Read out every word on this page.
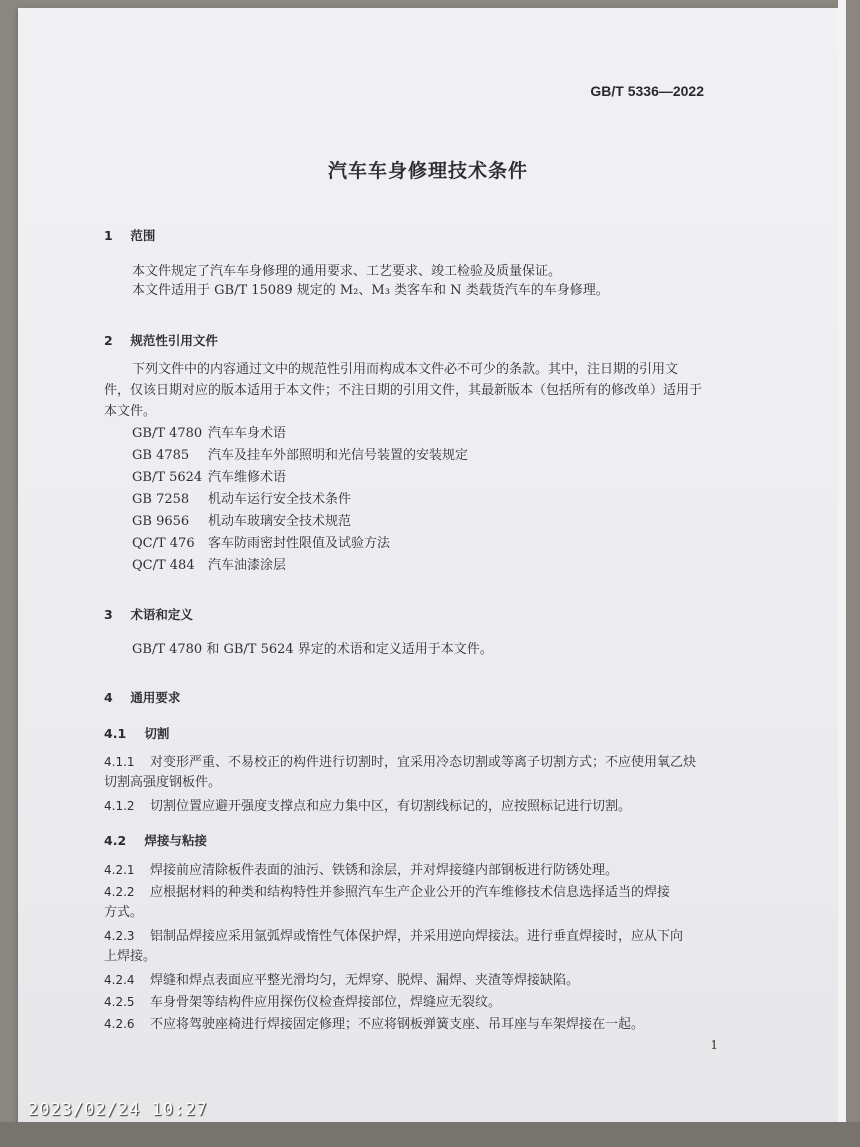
GB/T 5336—2022
汽车车身修理技术条件
1 范围
本文件规定了汽车车身修理的通用要求、工艺要求、竣工检验及质量保证。
本文件适用于 GB/T 15089 规定的 M₂、M₃ 类客车和 N 类载货汽车的车身修理。
2 规范性引用文件
下列文件中的内容通过文中的规范性引用而构成本文件必不可少的条款。其中，注日期的引用文
件，仅该日期对应的版本适用于本文件；不注日期的引用文件，其最新版本（包括所有的修改单）适用于
本文件。
GB/T 4780 汽车车身术语
GB 4785 汽车及挂车外部照明和光信号装置的安装规定
GB/T 5624 汽车维修术语
GB 7258 机动车运行安全技术条件
GB 9656 机动车玻璃安全技术规范
QC/T 476 客车防雨密封性限值及试验方法
QC/T 484 汽车油漆涂层
3 术语和定义
GB/T 4780 和 GB/T 5624 界定的术语和定义适用于本文件。
4 通用要求
4.1 切割
4.1.1 对变形严重、不易校正的构件进行切割时，宜采用冷态切割或等离子切割方式；不应使用氧乙炔
切割高强度钢板件。
4.1.2 切割位置应避开强度支撑点和应力集中区，有切割线标记的，应按照标记进行切割。
4.2 焊接与粘接
4.2.1 焊接前应清除板件表面的油污、铁锈和涂层，并对焊接缝内部钢板进行防锈处理。
4.2.2 应根据材料的种类和结构特性并参照汽车生产企业公开的汽车维修技术信息选择适当的焊接
方式。
4.2.3 铝制品焊接应采用氩弧焊或惰性气体保护焊，并采用逆向焊接法。进行垂直焊接时，应从下向
上焊接。
4.2.4 焊缝和焊点表面应平整光滑均匀，无焊穿、脱焊、漏焊、夹渣等焊接缺陷。
4.2.5 车身骨架等结构件应用探伤仪检查焊接部位，焊缝应无裂纹。
4.2.6 不应将驾驶座椅进行焊接固定修理；不应将钢板弹簧支座、吊耳座与车架焊接在一起。
1
2023/02/24 10:27
